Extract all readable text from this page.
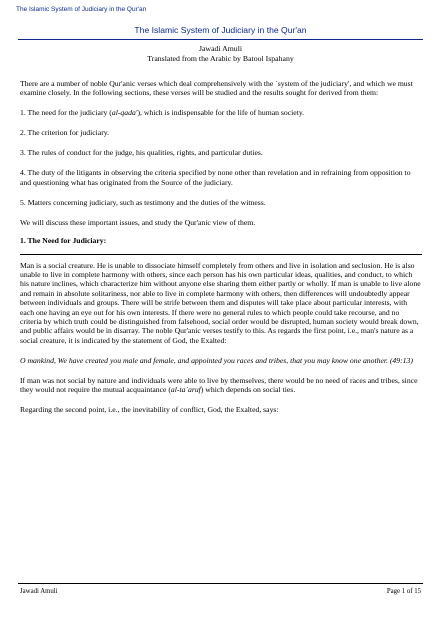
The Islamic System of Judiciary in the Qur'an
The Islamic System of Judiciary in the Qur'an
Jawadi Amuli
Translated from the Arabic by Batool Ispahany

There are a number of noble Qur'anic verses which deal comprehensively with the `system of the judiciary', and which we must examine closely. In the following sections, these verses will be studied and the results sought for derived from them:

1. The need for the judiciary (al-qada'), which is indispensable for the life of human society.

2. The criterion for judiciary.

3. The rules of conduct for the judge, his qualities, rights, and particular duties.

4. The duty of the litigants in observing the criteria specified by none other than revelation and in refraining from opposition to and questioning what has originated from the Source of the judiciary.

5. Matters concerning judiciary, such as testimony and the duties of the witness.

We will discuss these important issues, and study the Qur'anic view of them.

1. The Need for Judiciary:

Man is a social creature. He is unable to dissociate himself completely from others and live in isolation and seclusion. He is also unable to live in complete harmony with others, since each person has his own particular ideas, qualities, and conduct, to which his nature inclines, which characterize him without anyone else sharing them either partly or wholly. If man is unable to live alone and remain in absolute solitariness, nor able to live in complete harmony with others, then differences will undoubtedly appear between individuals and groups. There will be strife between them and disputes will take place about particular interests, with each one having an eye out for his own interests. If there were no general rules to which people could take recourse, and no criteria by which truth could be distinguished from falsehood, social order would be disrupted, human society would break down, and public affairs would be in disarray. The noble Qur'anic verses testify to this. As regards the first point, i.e., man's nature as a social creature, it is indicated by the statement of God, the Exalted:

O mankind, We have created you male and female, and appointed you races and tribes, that you may know one another. (49:13)

If man was not social by nature and individuals were able to live by themselves, there would be no need of races and tribes, since they would not require the mutual acquaintance (al-ta`aruf) which depends on social ties.

Regarding the second point, i.e., the inevitability of conflict, God, the Exalted, says:

Jawadi Amuli	Page 1 of 15
